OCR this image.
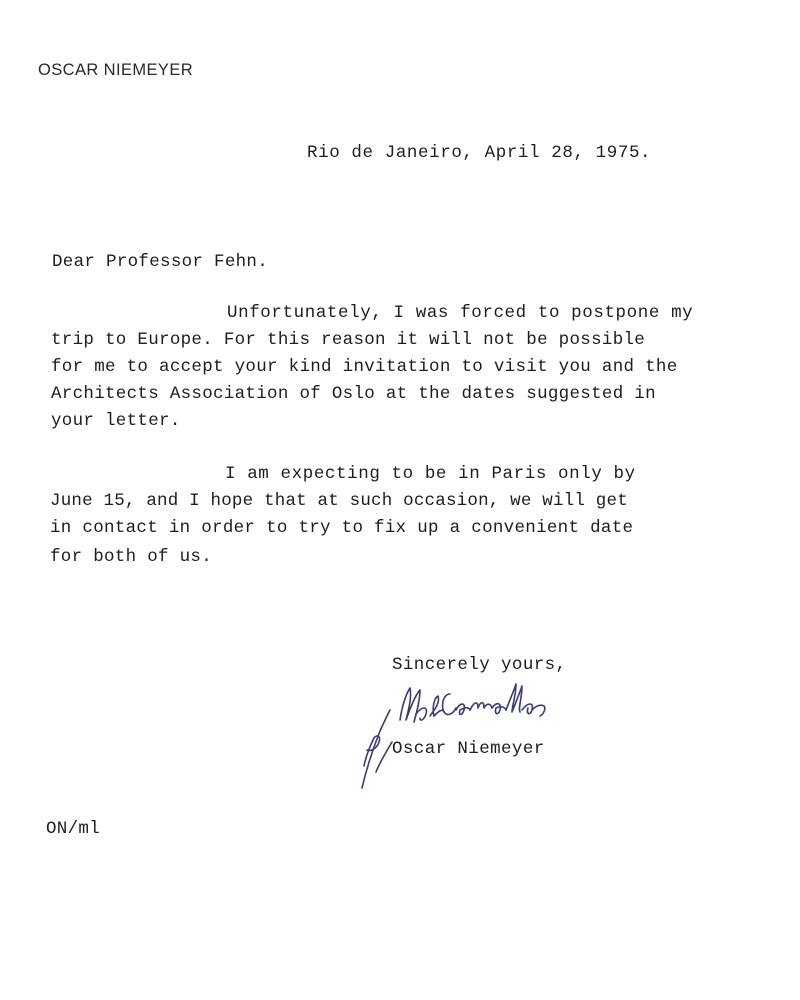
OSCAR NIEMEYER
Rio de Janeiro, April 28, 1975.
Dear Professor Fehn.
Unfortunately, I was forced to postpone my
trip to Europe. For this reason it will not be possible
for me to accept your kind invitation to visit you and the
Architects Association of Oslo at the dates suggested in
your letter.
I am expecting to be in Paris only by
June 15, and I hope that at such occasion, we will get
in contact in order to try to fix up a convenient date
for both of us.
Sincerely yours,
Oscar Niemeyer
ON/ml
